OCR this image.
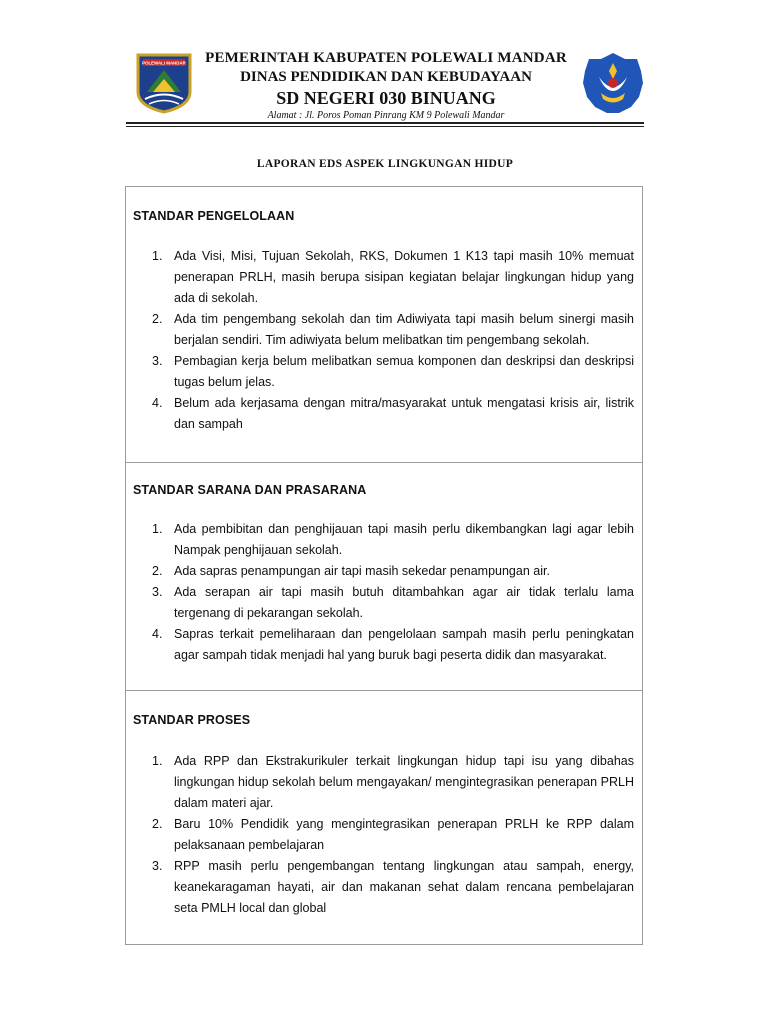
POLEWALI MANDAR	PEMERINTAH KABUPATEN POLEWALI MANDAR
DINAS PENDIDIKAN DAN KEBUDAYAAN
SD NEGERI 030 BINUANG
Alamat : Jl. Poros Poman Pinrang KM 9 Polewali Mandar
LAPORAN EDS ASPEK LINGKUNGAN HIDUP
STANDAR PENGELOLAAN
1. Ada Visi, Misi, Tujuan Sekolah, RKS, Dokumen 1 K13 tapi masih 10% memuat penerapan PRLH, masih berupa sisipan kegiatan belajar lingkungan hidup yang ada di sekolah.
2. Ada tim pengembang sekolah dan tim Adiwiyata tapi masih belum sinergi masih berjalan sendiri. Tim adiwiyata belum melibatkan tim pengembang sekolah.
3. Pembagian kerja belum melibatkan semua komponen dan deskripsi dan deskripsi tugas belum jelas.
4. Belum ada kerjasama dengan mitra/masyarakat untuk mengatasi krisis air, listrik dan sampah
STANDAR SARANA DAN PRASARANA
1. Ada pembibitan dan penghijauan tapi masih perlu dikembangkan lagi agar lebih Nampak penghijauan sekolah.
2. Ada sapras penampungan air tapi masih sekedar penampungan air.
3. Ada serapan air tapi masih butuh ditambahkan agar air tidak terlalu lama tergenang di pekarangan sekolah.
4. Sapras terkait pemeliharaan dan pengelolaan sampah masih perlu peningkatan agar sampah tidak menjadi hal yang buruk bagi peserta didik dan masyarakat.
STANDAR PROSES
1. Ada RPP dan Ekstrakurikuler terkait lingkungan hidup tapi isu yang dibahas lingkungan hidup sekolah belum mengayakan/ mengintegrasikan penerapan PRLH dalam materi ajar.
2. Baru 10% Pendidik yang mengintegrasikan penerapan PRLH ke RPP dalam pelaksanaan pembelajaran
3. RPP masih perlu pengembangan tentang lingkungan atau sampah, energy, keanekaragaman hayati, air dan makanan sehat dalam rencana pembelajaran seta PMLH local dan global
